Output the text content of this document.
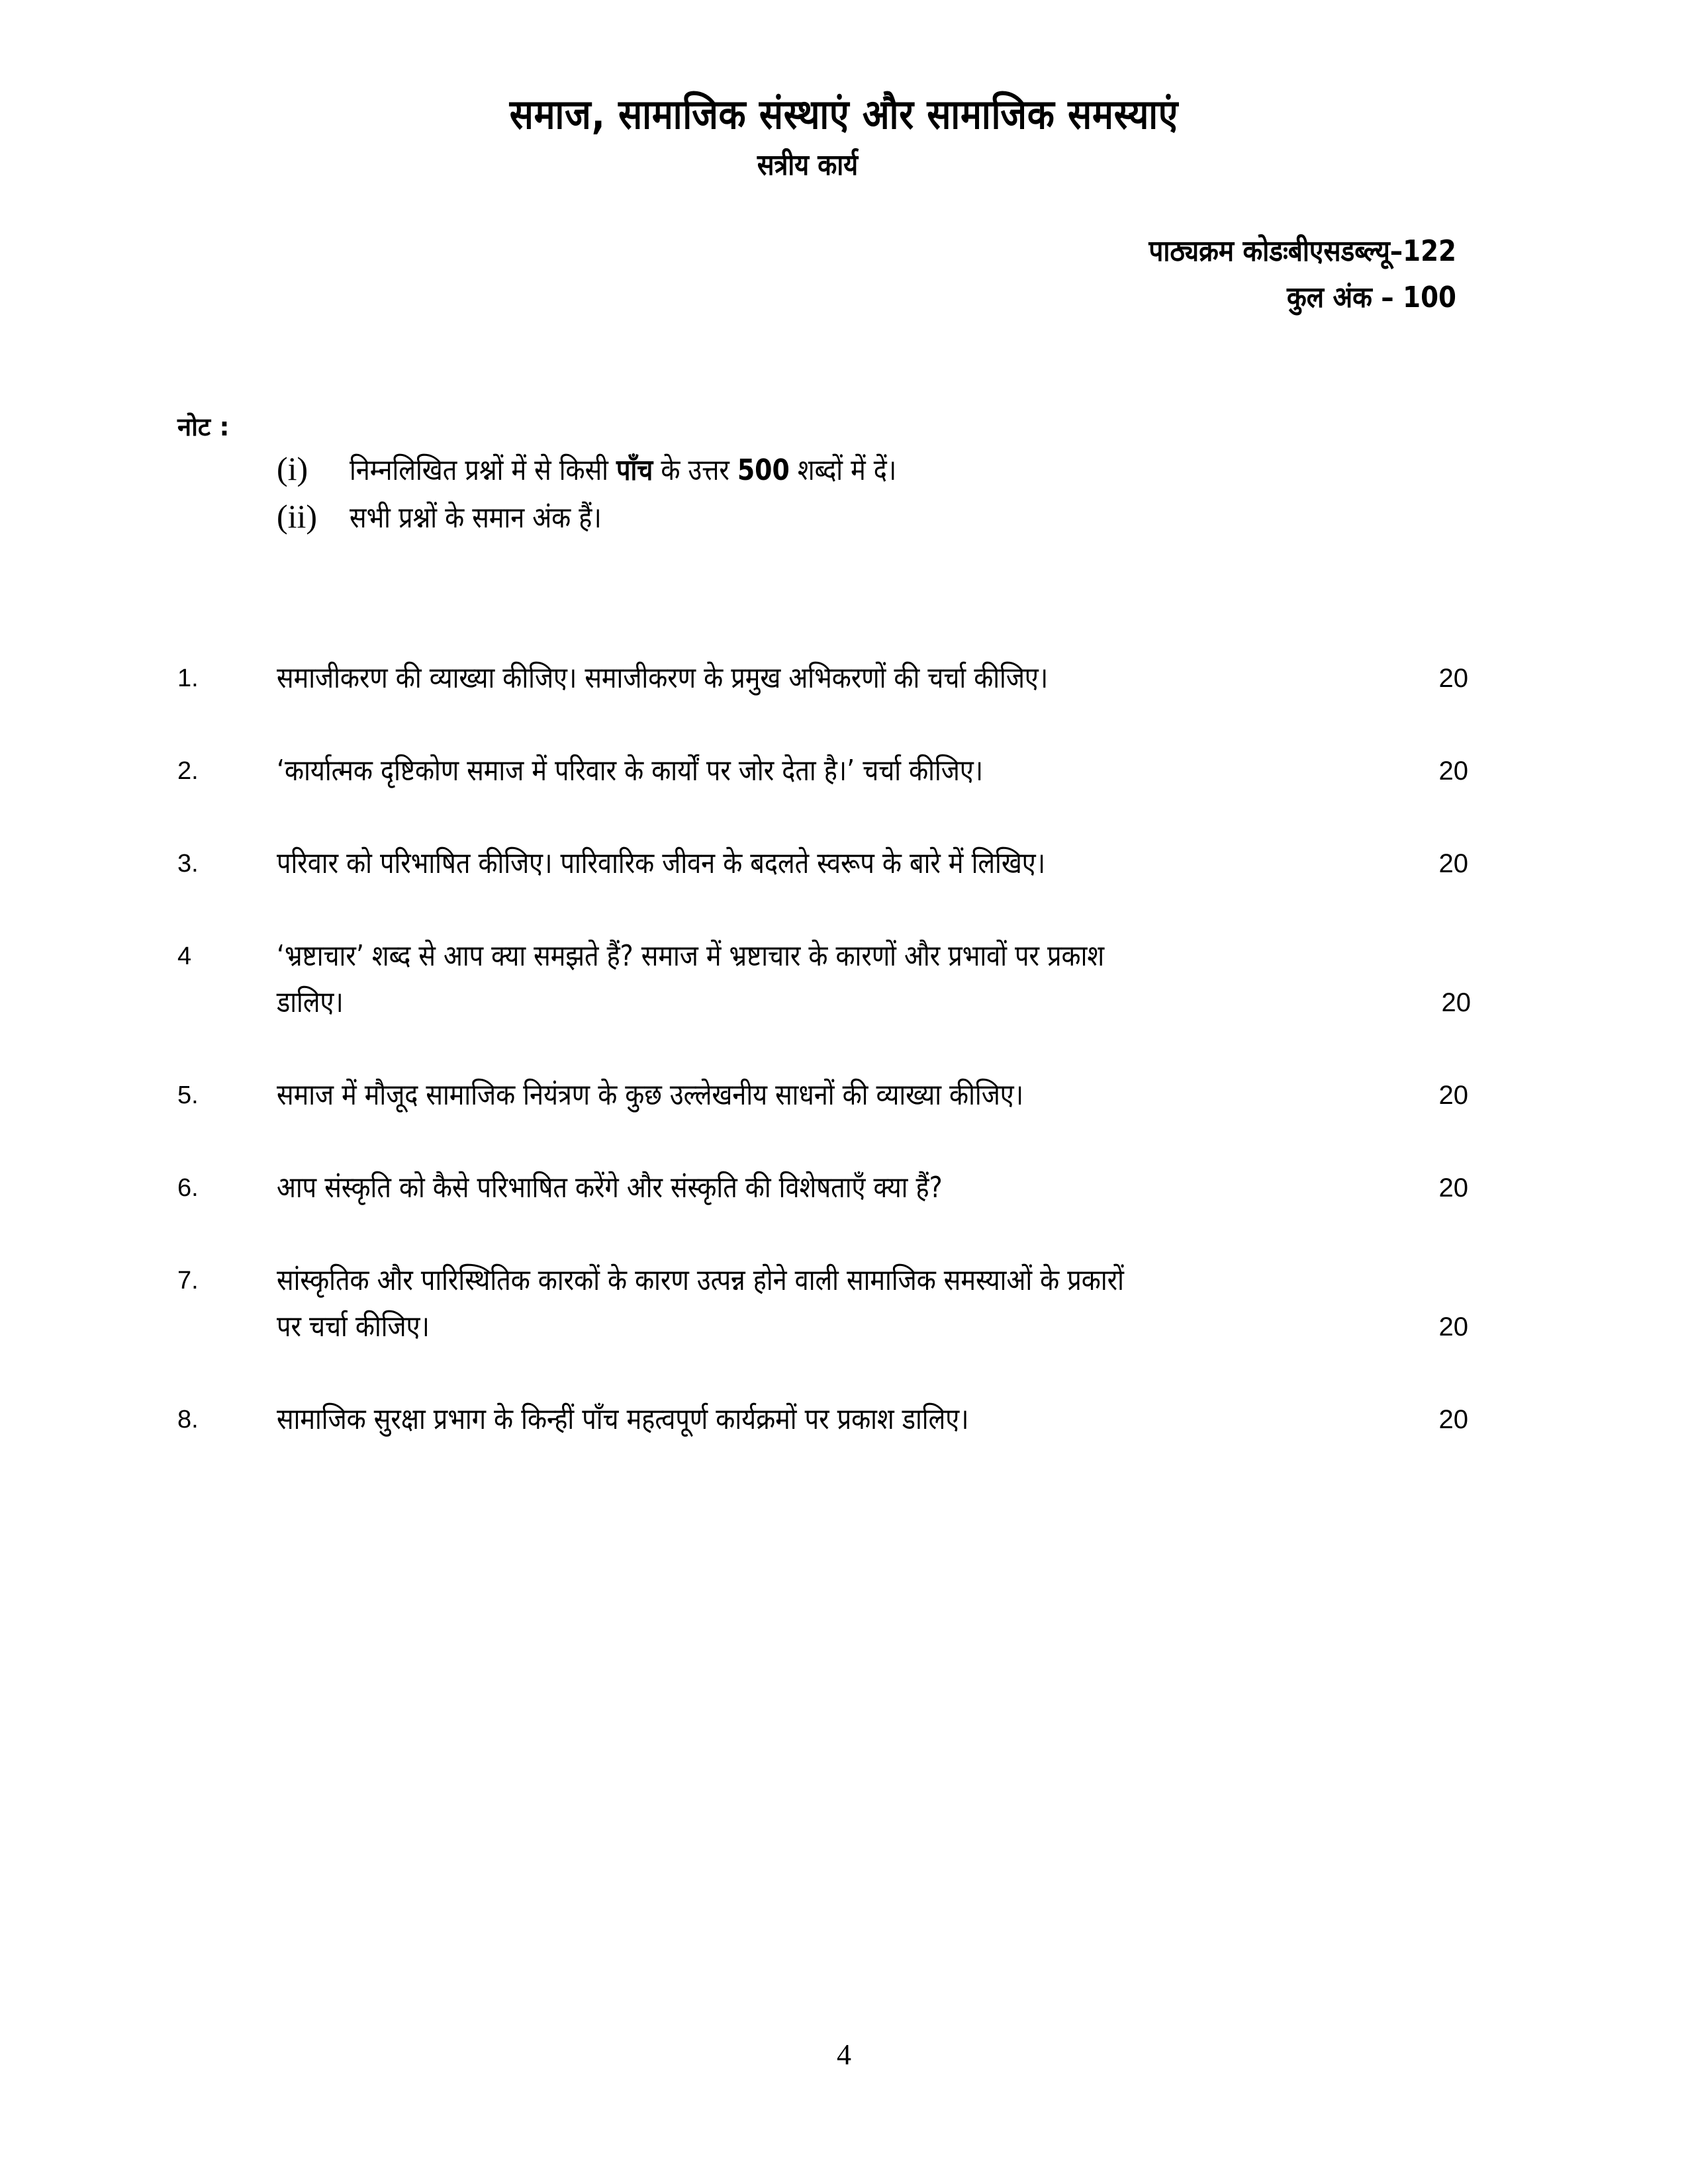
समाज, सामाजिक संस्थाएं और सामाजिक समस्याएं
सत्रीय कार्य
पाठ्यक्रम कोडःबीएसडब्ल्यू–122
कुल अंक – 100
नोट :
(i)	निम्नलिखित प्रश्नों में से किसी पाँच के उत्तर 500 शब्दों में दें।
(ii)	सभी प्रश्नों के समान अंक हैं।
1.	समाजीकरण की व्याख्या कीजिए। समाजीकरण के प्रमुख अभिकरणों की चर्चा कीजिए।	20
2.	‘कार्यात्मक दृष्टिकोण समाज में परिवार के कार्यों पर जोर देता है।’ चर्चा कीजिए।	20
3.	परिवार को परिभाषित कीजिए। पारिवारिक जीवन के बदलते स्वरूप के बारे में लिखिए।	20
4	‘भ्रष्टाचार’ शब्द से आप क्या समझते हैं? समाज में भ्रष्टाचार के कारणों और प्रभावों पर प्रकाश
डालिए।	20
5.	समाज में मौजूद सामाजिक नियंत्रण के कुछ उल्लेखनीय साधनों की व्याख्या कीजिए।	20
6.	आप संस्कृति को कैसे परिभाषित करेंगे और संस्कृति की विशेषताएँ क्या हैं?	20
7.	सांस्कृतिक और पारिस्थितिक कारकों के कारण उत्पन्न होने वाली सामाजिक समस्याओं के प्रकारों
पर चर्चा कीजिए।	20
8.	सामाजिक सुरक्षा प्रभाग के किन्हीं पाँच महत्वपूर्ण कार्यक्रमों पर प्रकाश डालिए।	20
4
